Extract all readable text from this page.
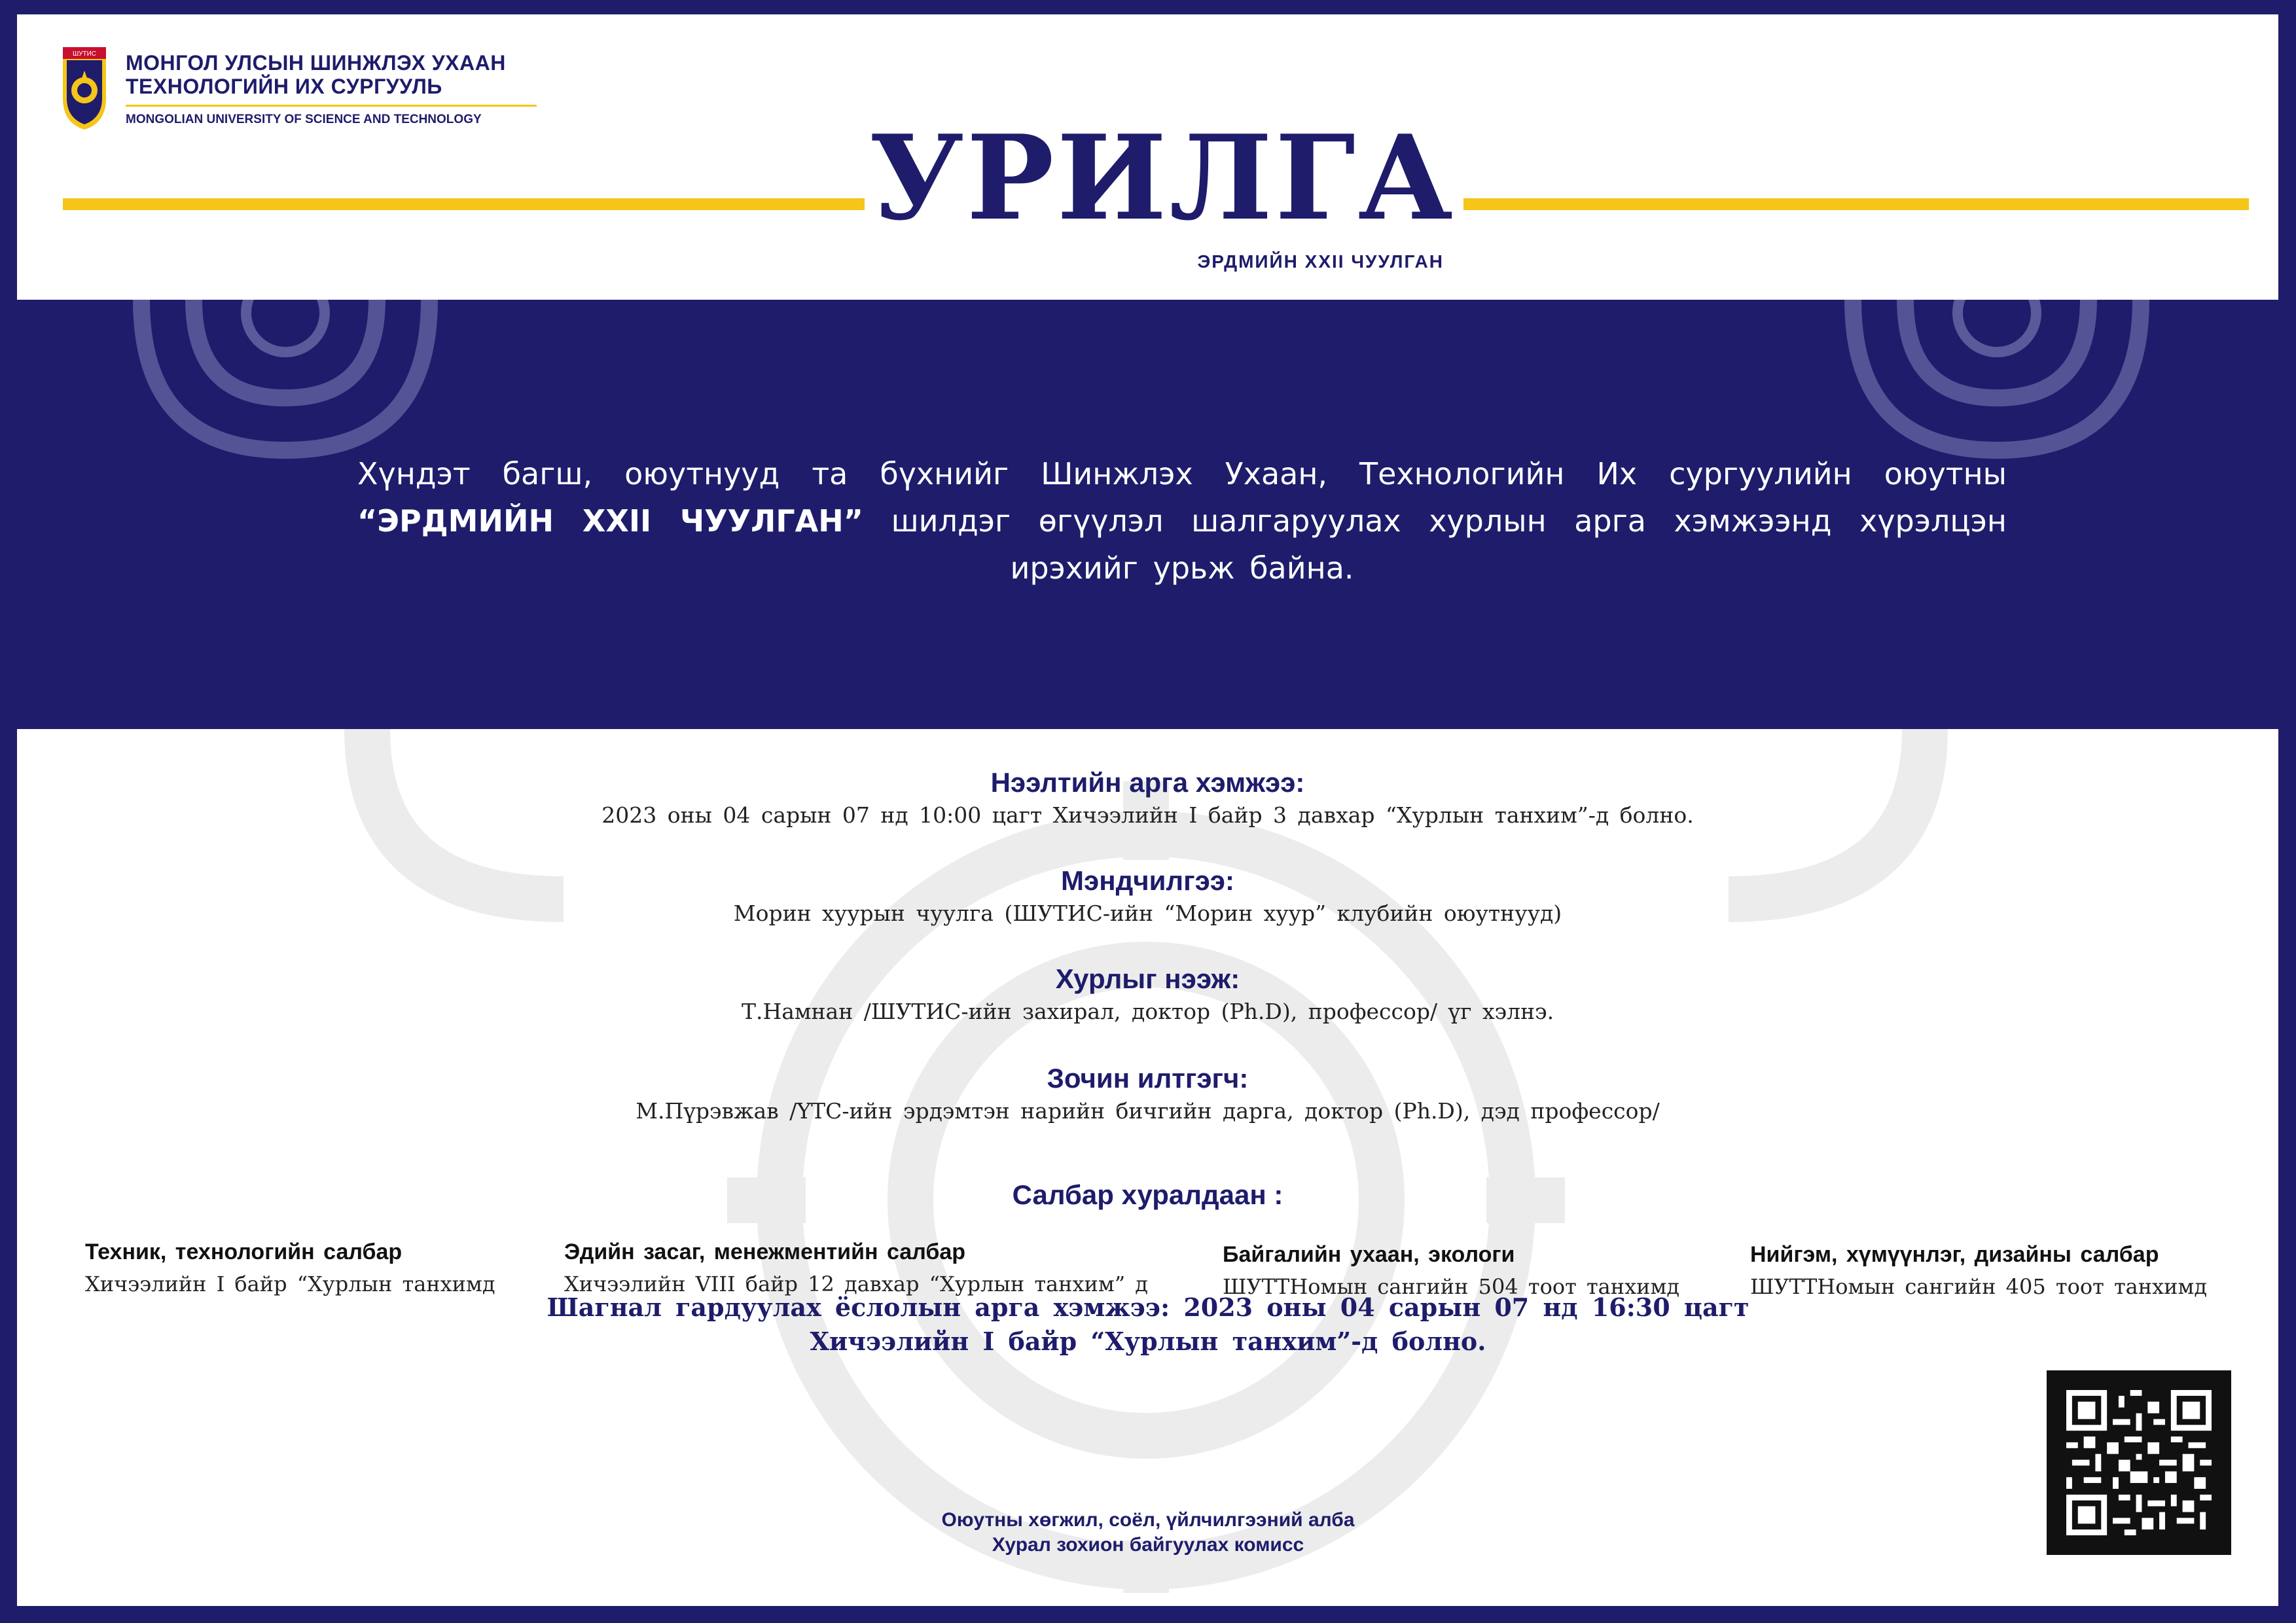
ШУТИС МОНГОЛ УЛСЫН ШИНЖЛЭХ УХААН
ТЕХНОЛОГИЙН ИХ СУРГУУЛЬ
MONGOLIAN UNIVERSITY OF SCIENCE AND TECHNOLOGY	УРИЛГА
ЭРДМИЙН XXII ЧУУЛГАН
Хүндэт багш, оюутнууд та бүхнийг Шинжлэх Ухаан, Технологийн Их сургуулийн оюутны “ЭРДМИЙН XXII ЧУУЛГАН” шилдэг өгүүлэл шалгаруулах хурлын арга хэмжээнд хүрэлцэн ирэхийг урьж байна.
Нээлтийн арга хэмжээ:
2023 оны 04 сарын 07 нд 10:00 цагт Хичээлийн I байр 3 давхар “Хурлын танхим”-д болно.
Мэндчилгээ:
Морин хуурын чуулга (ШУТИС-ийн “Морин хуур” клубийн оюутнууд)
Хурлыг нээж:
Т.Намнан /ШУТИС-ийн захирал, доктор (Ph.D), профессор/ үг хэлнэ.
Зочин илтгэгч:
М.Пүрэвжав /ҮТС-ийн эрдэмтэн нарийн бичгийн дарга, доктор (Ph.D), дэд профессор/
Салбар хуралдаан :
Техник, технологийн салбар
Хичээлийн I байр “Хурлын танхимд
Эдийн засаг, менежментийн салбар
Хичээлийн VIII байр 12 давхар “Хурлын танхим” д
Байгалийн ухаан, экологи
ШУТТНомын сангийн 504 тоот танхимд
Нийгэм, хүмүүнлэг, дизайны салбар
ШУТТНомын сангийн 405 тоот танхимд
Шагнал гардуулах ёслолын арга хэмжээ: 2023 оны 04 сарын 07 нд 16:30 цагт
Хичээлийн I байр “Хурлын танхим”-д болно.
Оюутны хөгжил, соёл, үйлчилгээний алба
Хурал зохион байгуулах комисс
